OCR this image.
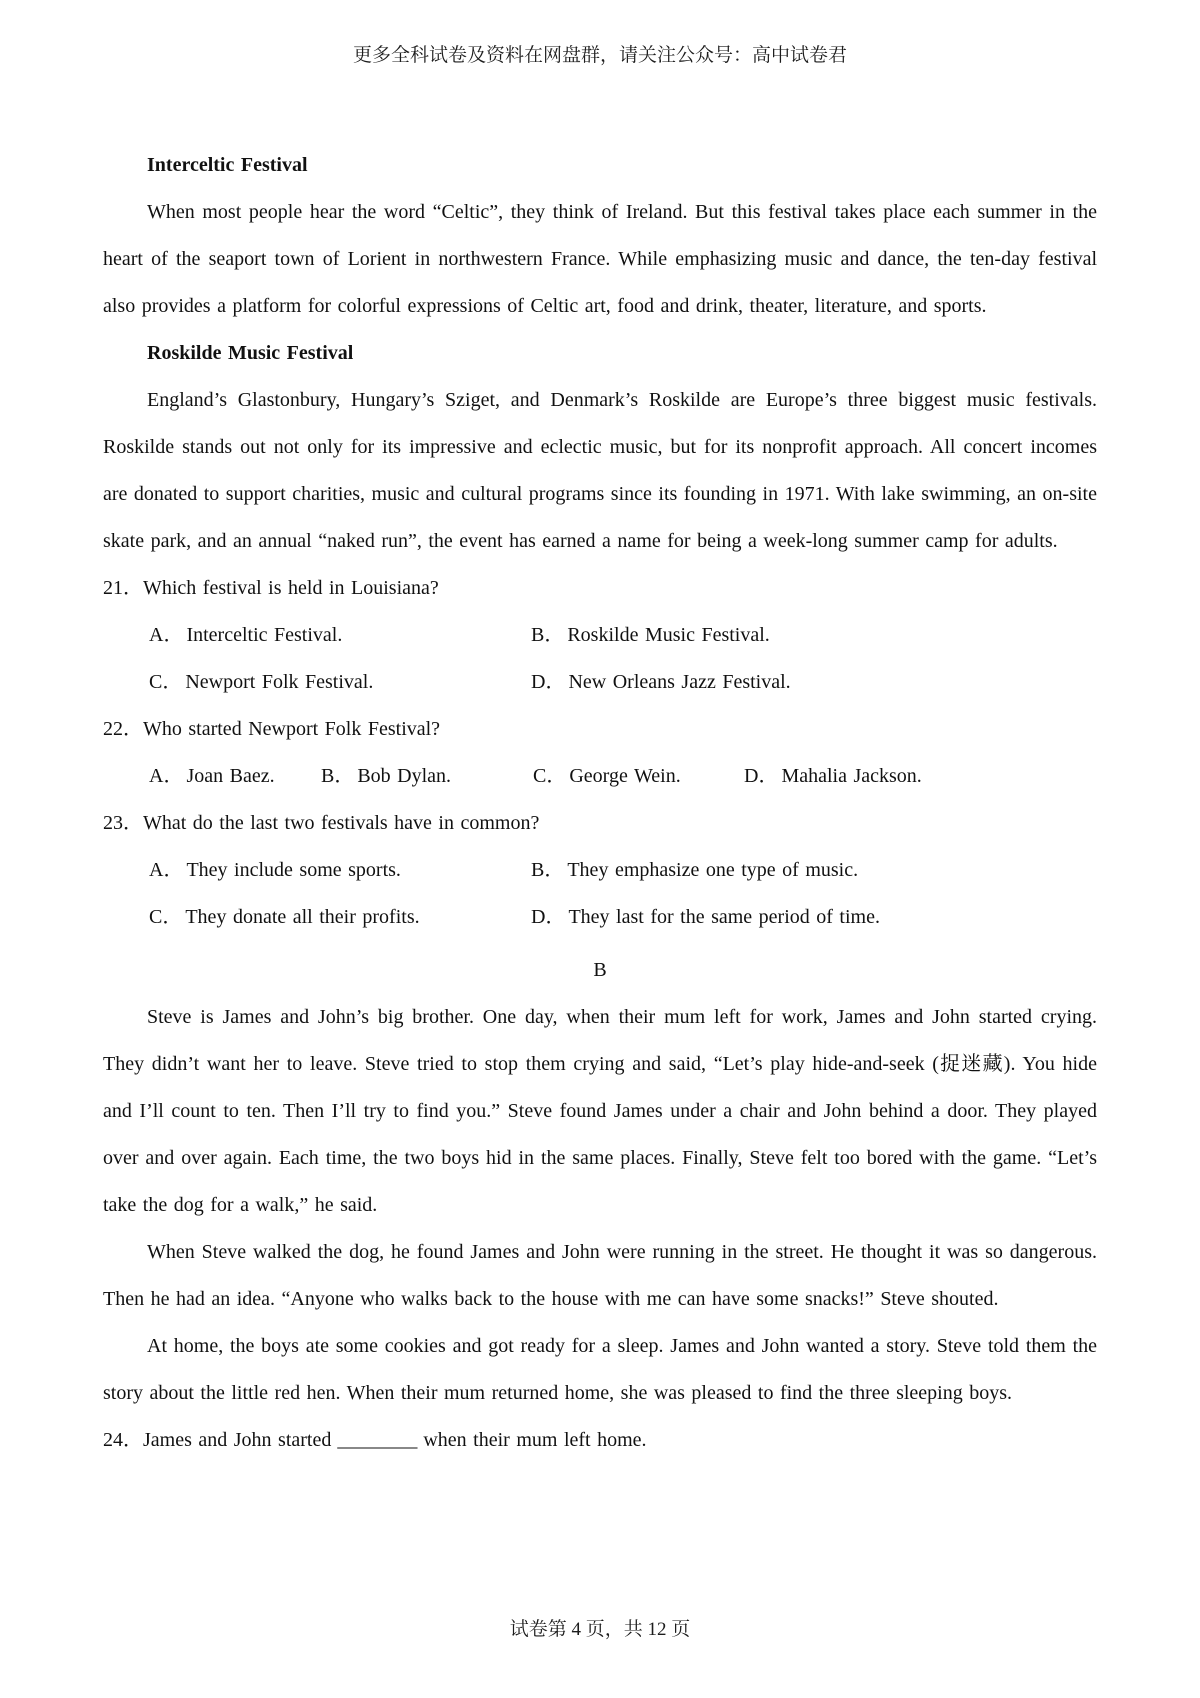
更多全科试卷及资料在网盘群，请关注公众号：高中试卷君
Interceltic Festival
When most people hear the word “Celtic”, they think of Ireland. But this festival takes place each summer in the heart of the seaport town of Lorient in northwestern France. While emphasizing music and dance, the ten-day festival also provides a platform for colorful expressions of Celtic art, food and drink, theater, literature, and sports.
Roskilde Music Festival
England’s Glastonbury, Hungary’s Sziget, and Denmark’s Roskilde are Europe’s three biggest music festivals. Roskilde stands out not only for its impressive and eclectic music, but for its nonprofit approach. All concert incomes are donated to support charities, music and cultural programs since its founding in 1971. With lake swimming, an on-site skate park, and an annual “naked run”, the event has earned a name for being a week-long summer camp for adults.
21．Which festival is held in Louisiana?
A． Interceltic Festival.	B． Roskilde Music Festival.
C． Newport Folk Festival.	D． New Orleans Jazz Festival.
22．Who started Newport Folk Festival?
A． Joan Baez.	B． Bob Dylan.	C． George Wein.	D． Mahalia Jackson.
23．What do the last two festivals have in common?
A． They include some sports.	B． They emphasize one type of music.
C． They donate all their profits.	D． They last for the same period of time.
B
Steve is James and John’s big brother. One day, when their mum left for work, James and John started crying. They didn’t want her to leave. Steve tried to stop them crying and said, “Let’s play hide-and-seek (捉迷藏). You hide and I’ll count to ten. Then I’ll try to find you.” Steve found James under a chair and John behind a door. They played over and over again. Each time, the two boys hid in the same places. Finally, Steve felt too bored with the game. “Let’s take the dog for a walk,” he said.
When Steve walked the dog, he found James and John were running in the street. He thought it was so dangerous. Then he had an idea. “Anyone who walks back to the house with me can have some snacks!” Steve shouted.
At home, the boys ate some cookies and got ready for a sleep. James and John wanted a story. Steve told them the story about the little red hen. When their mum returned home, she was pleased to find the three sleeping boys.
24．James and John started ________ when their mum left home.
试卷第 4 页，共 12 页
